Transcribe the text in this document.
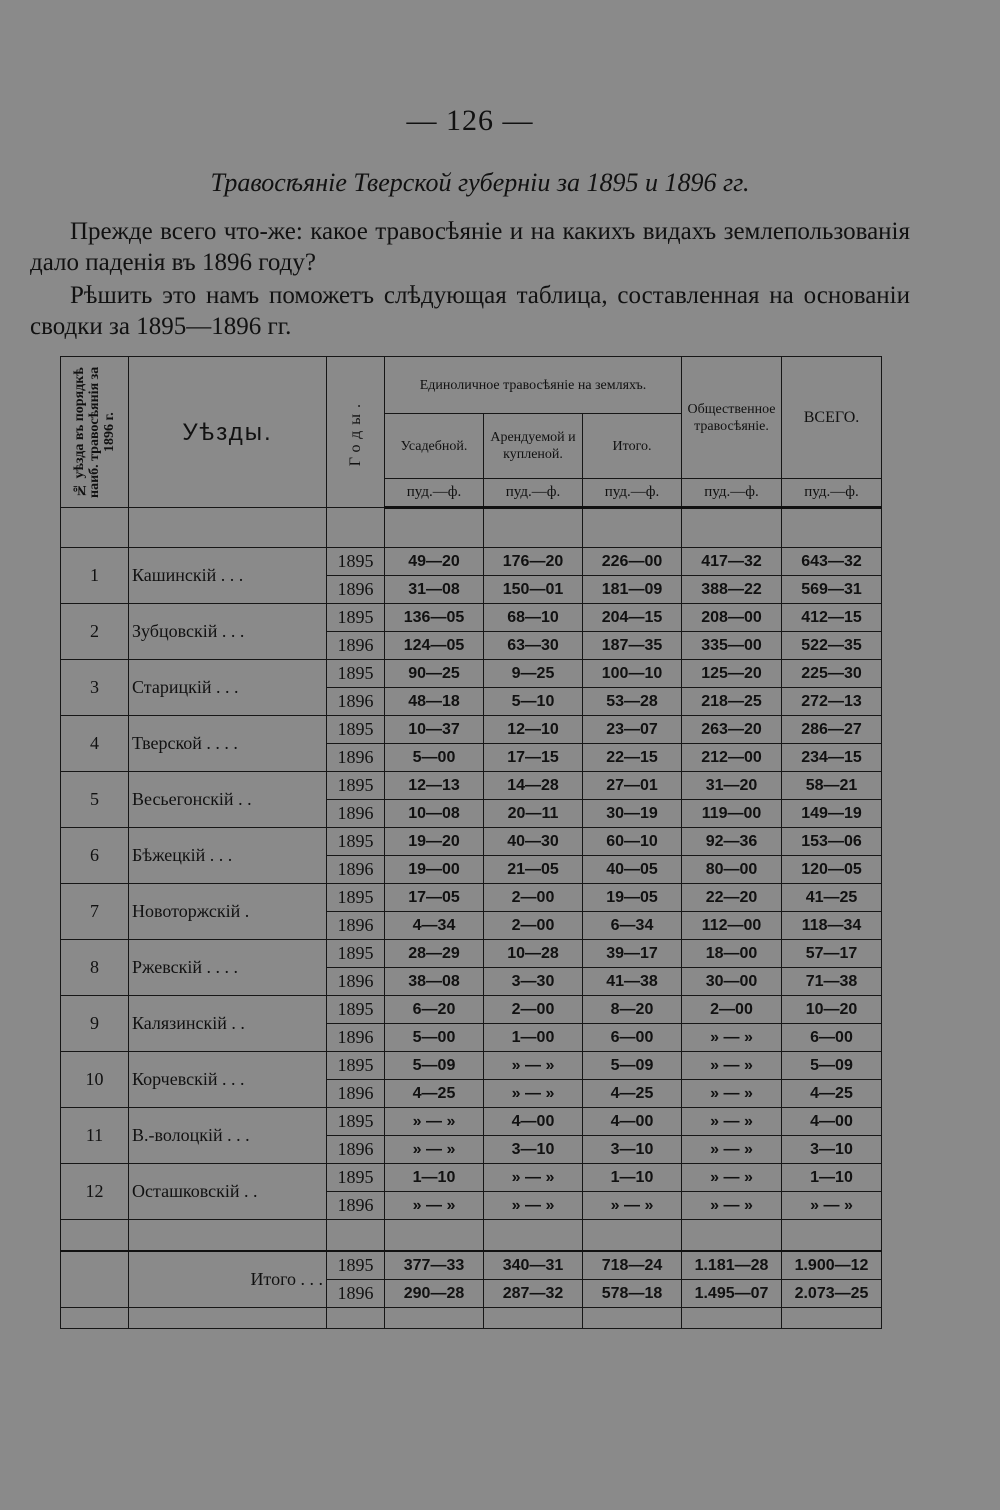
— 126 —
Травосѣяніе Тверской губерніи за 1895 и 1896 гг.
Прежде всего что-же: какое травосѣяніе и на какихъ видахъ землепользованія дало паденія въ 1896 году?
Рѣшить это намъ поможетъ слѣдующая таблица, составленная на основаніи сводки за 1895—1896 гг.
№ уѣзда въ порядкѣ наиб. травосѣянія за 1896 г.	Уѣзды.	Годы.	Единоличное травосѣяніе на земляхъ.			Общественное травосѣяніе.	ВСЕГО.
			Усадебной.	Арендуемой и купленой.	Итого.		
			пуд.—ф.	пуд.—ф.	пуд.—ф.	пуд.—ф.	пуд.—ф.

1	Кашинскій . . .	1895	49—20	176—20	226—00	417—32	643—32
		1896	31—08	150—01	181—09	388—22	569—31
2	Зубцовскій . . .	1895	136—05	68—10	204—15	208—00	412—15
		1896	124—05	63—30	187—35	335—00	522—35
3	Старицкій . . .	1895	90—25	9—25	100—10	125—20	225—30
		1896	48—18	5—10	53—28	218—25	272—13
4	Тверской . . . .	1895	10—37	12—10	23—07	263—20	286—27
		1896	5—00	17—15	22—15	212—00	234—15
5	Весьегонскій . .	1895	12—13	14—28	27—01	31—20	58—21
		1896	10—08	20—11	30—19	119—00	149—19
6	Бѣжецкій . . .	1895	19—20	40—30	60—10	92—36	153—06
		1896	19—00	21—05	40—05	80—00	120—05
7	Новоторжскій .	1895	17—05	2—00	19—05	22—20	41—25
		1896	4—34	2—00	6—34	112—00	118—34
8	Ржевскій . . . .	1895	28—29	10—28	39—17	18—00	57—17
		1896	38—08	3—30	41—38	30—00	71—38
9	Калязинскій . .	1895	6—20	2—00	8—20	2—00	10—20
		1896	5—00	1—00	6—00	» — »	6—00
10	Корчевскій . . .	1895	5—09	» — »	5—09	» — »	5—09
		1896	4—25	» — »	4—25	» — »	4—25
11	В.-волоцкій . . .	1895	» — »	4—00	4—00	» — »	4—00
		1896	» — »	3—10	3—10	» — »	3—10
12	Осташковскій . .	1895	1—10	» — »	1—10	» — »	1—10
		1896	» — »	» — »	» — »	» — »	» — »

	Итого . . .	1895	377—33	340—31	718—24	1.181—28	1.900—12
		1896	290—28	287—32	578—18	1.495—07	2.073—25
